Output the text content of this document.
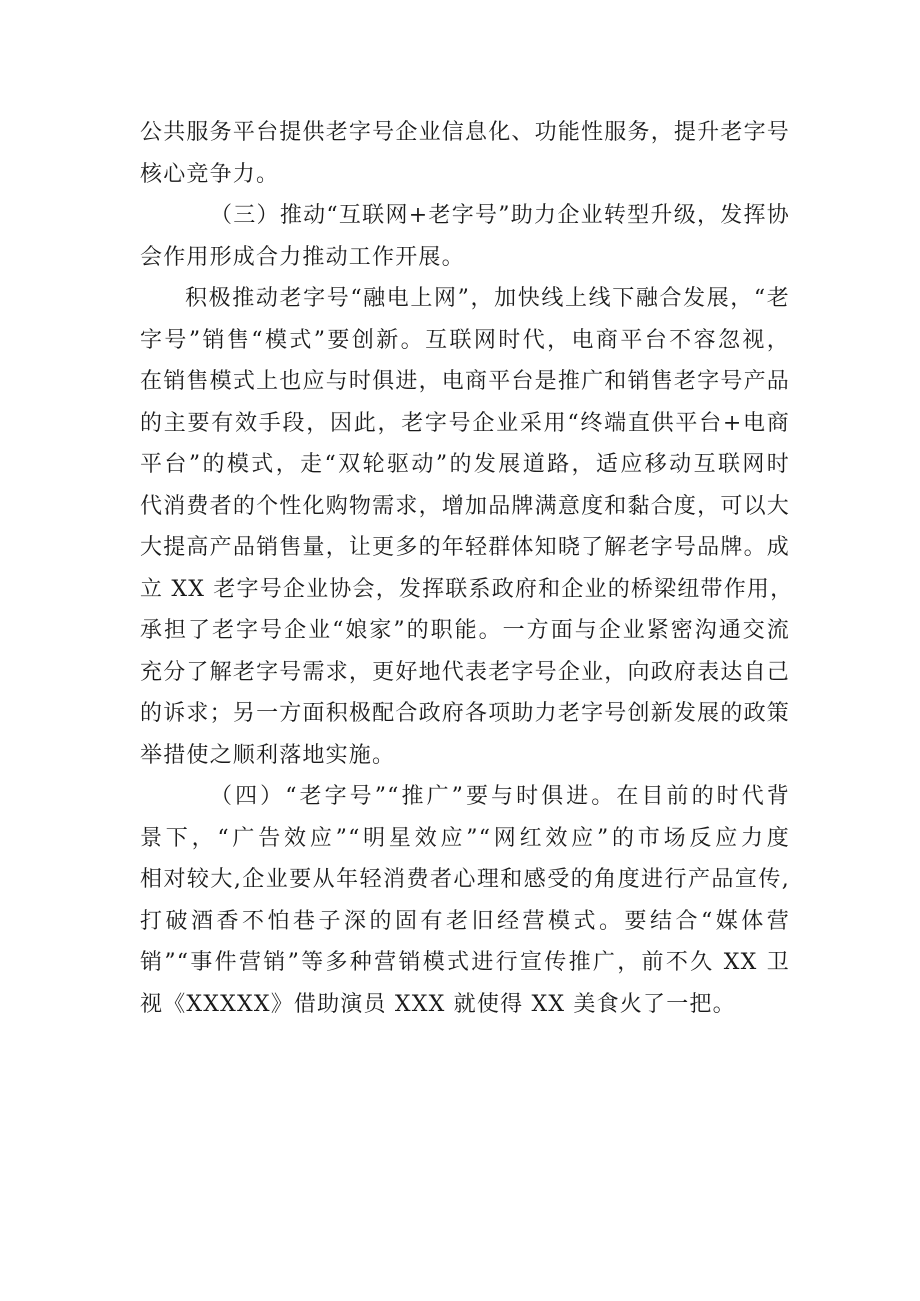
公共服务平台提供老字号企业信息化、功能性服务，提升老字号
核心竞争力。
（三）推动“互联网+老字号”助力企业转型升级，发挥协
会作用形成合力推动工作开展。
积极推动老字号“融电上网”，加快线上线下融合发展，“老
字号”销售“模式”要创新。互联网时代，电商平台不容忽视，
在销售模式上也应与时俱进，电商平台是推广和销售老字号产品
的主要有效手段，因此，老字号企业采用“终端直供平台+电商
平台”的模式，走“双轮驱动”的发展道路，适应移动互联网时
代消费者的个性化购物需求，增加品牌满意度和黏合度，可以大
大提高产品销售量，让更多的年轻群体知晓了解老字号品牌。成
立 XX 老字号企业协会，发挥联系政府和企业的桥梁纽带作用，
承担了老字号企业“娘家”的职能。一方面与企业紧密沟通交流
充分了解老字号需求，更好地代表老字号企业，向政府表达自己
的诉求；另一方面积极配合政府各项助力老字号创新发展的政策
举措使之顺利落地实施。
（四）“老字号”“推广”要与时俱进。在目前的时代背
景下，“广告效应”“明星效应”“网红效应”的市场反应力度
相对较大,企业要从年轻消费者心理和感受的角度进行产品宣传,
打破酒香不怕巷子深的固有老旧经营模式。要结合“媒体营
销”“事件营销”等多种营销模式进行宣传推广，前不久 XX 卫
视《XXXXX》借助演员 XXX 就使得 XX 美食火了一把。
